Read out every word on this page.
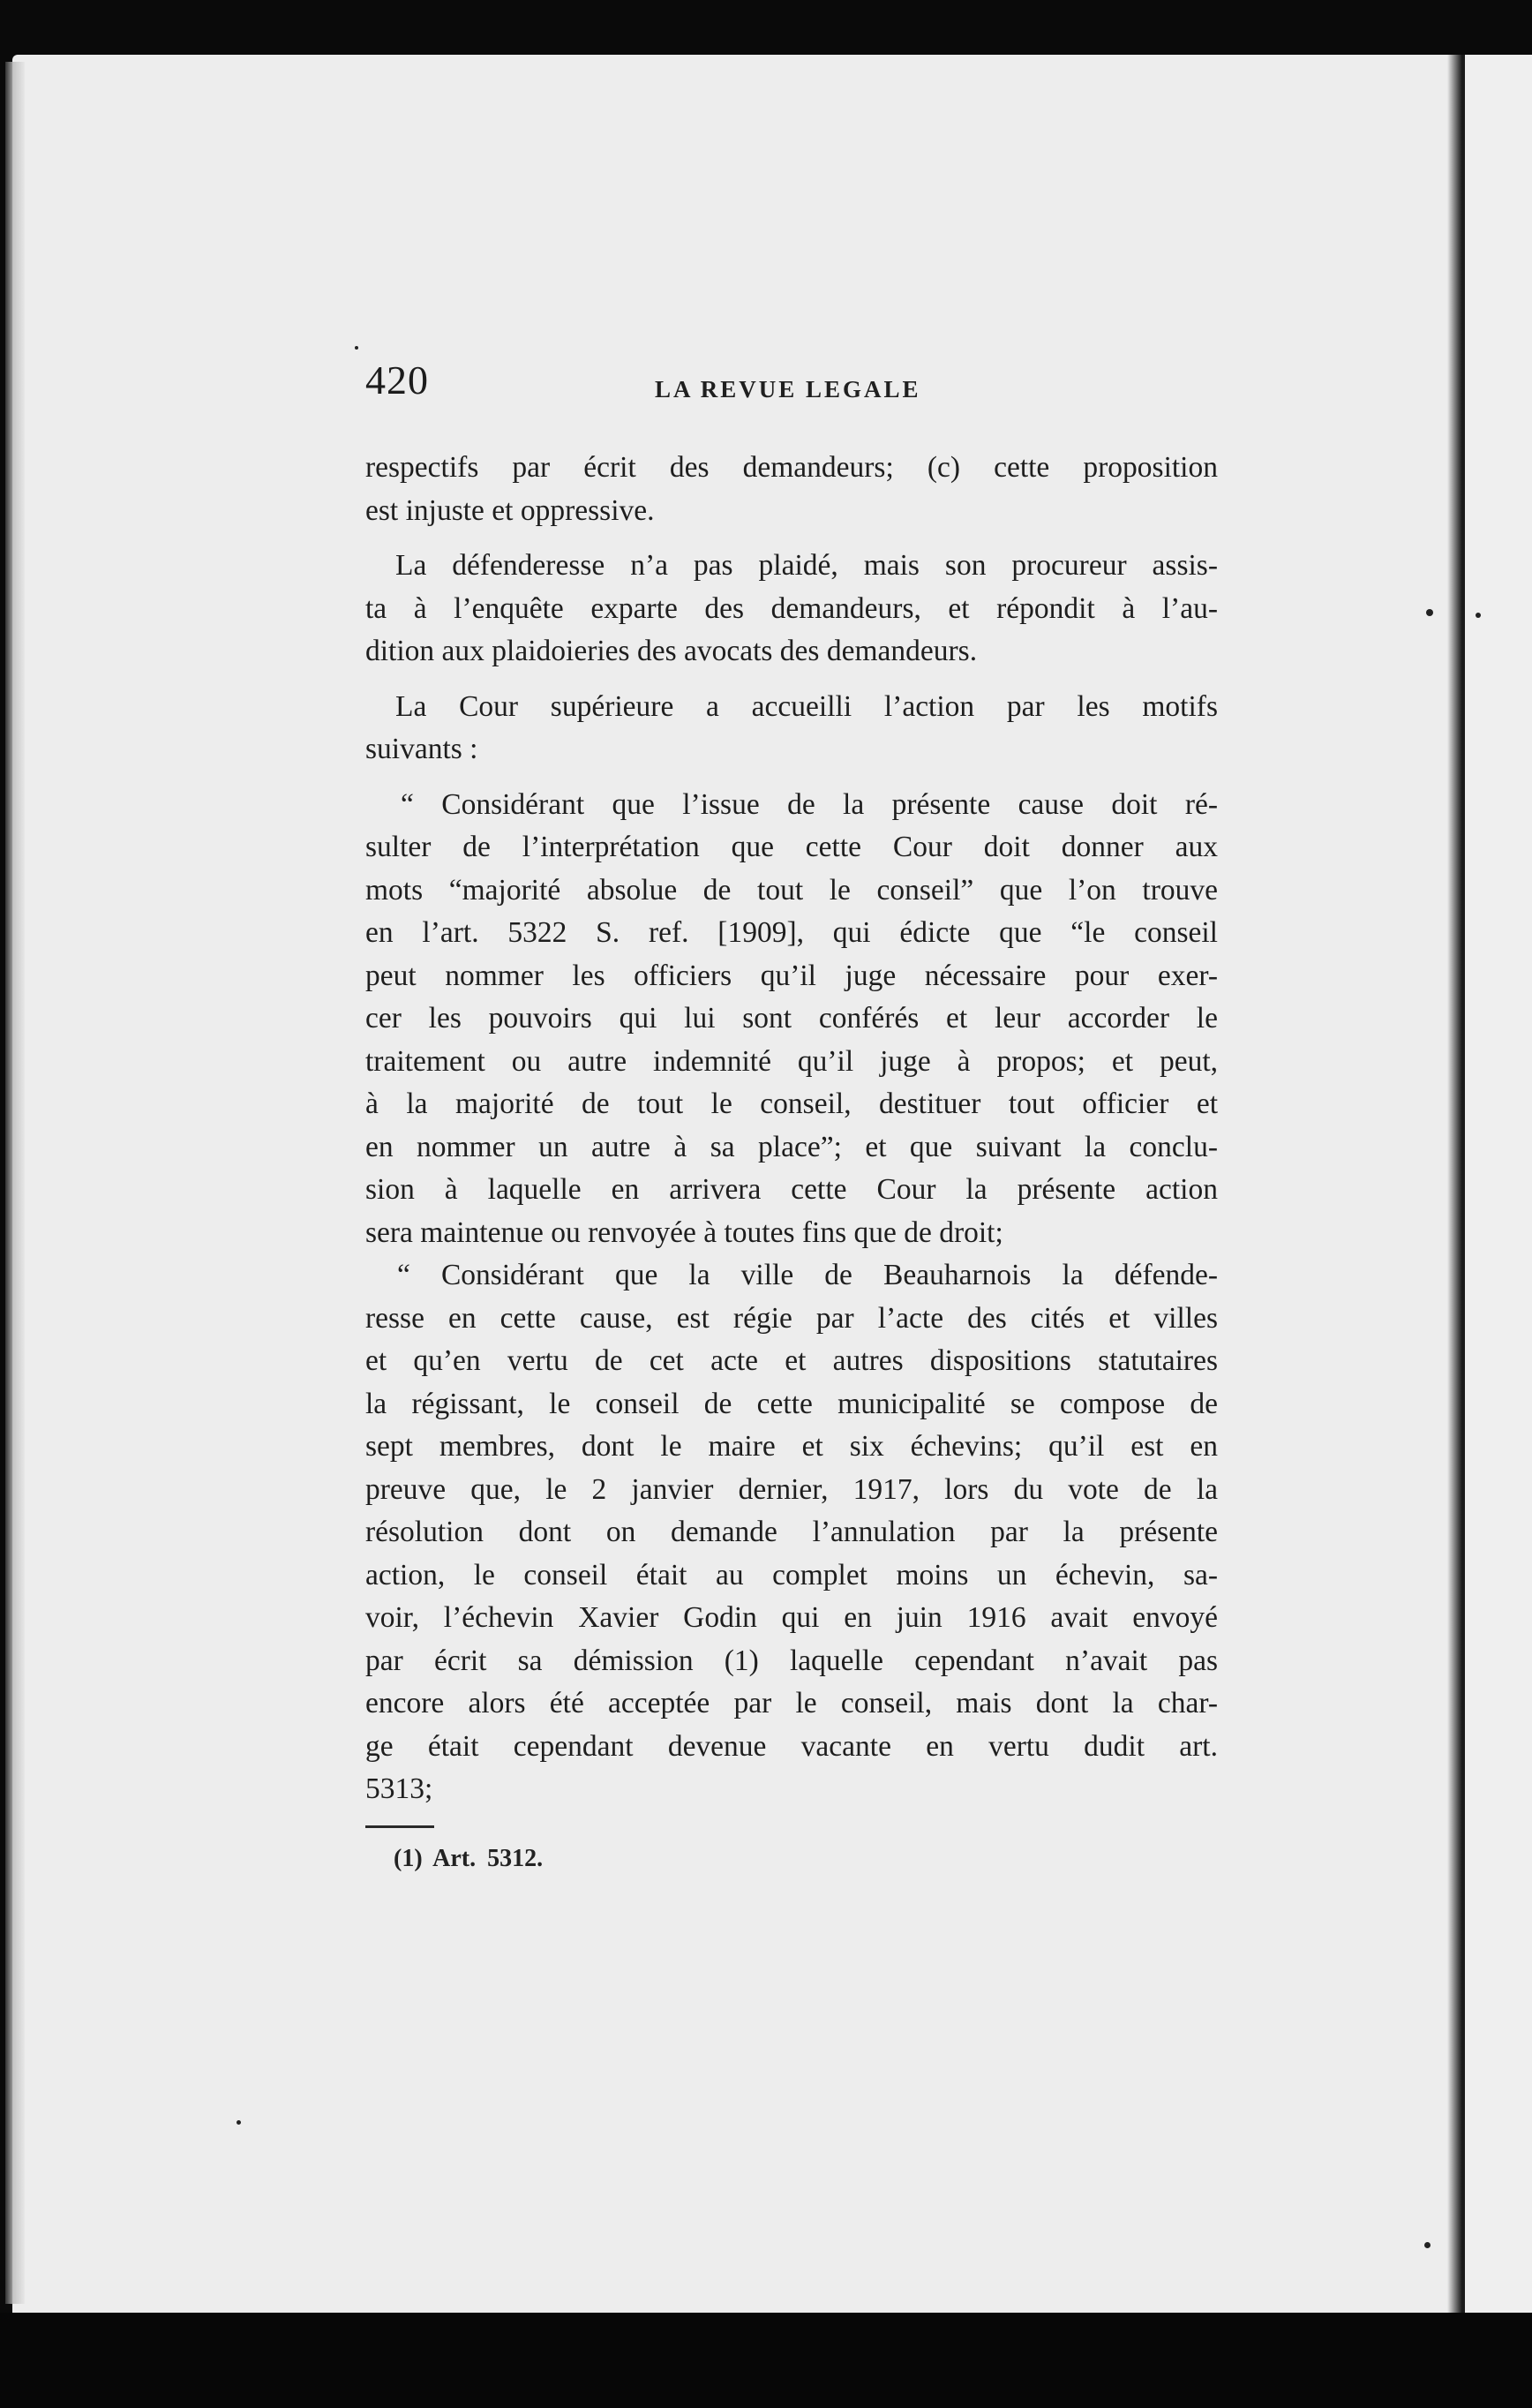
420	LA REVUE LEGALE
respectifs par écrit des demandeurs; (c) cette proposition
est injuste et oppressive.
La défenderesse n’a pas plaidé, mais son procureur assis-
ta à l’enquête exparte des demandeurs, et répondit à l’au-
dition aux plaidoieries des avocats des demandeurs.
La Cour supérieure a accueilli l’action par les motifs
suivants :
“ Considérant que l’issue de la présente cause doit ré-
sulter de l’interprétation que cette Cour doit donner aux
mots “majorité absolue de tout le conseil” que l’on trouve
en l’art. 5322 S. ref. [1909], qui édicte que “le conseil
peut nommer les officiers qu’il juge nécessaire pour exer-
cer les pouvoirs qui lui sont conférés et leur accorder le
traitement ou autre indemnité qu’il juge à propos; et peut,
à la majorité de tout le conseil, destituer tout officier et
en nommer un autre à sa place”; et que suivant la conclu-
sion à laquelle en arrivera cette Cour la présente action
sera maintenue ou renvoyée à toutes fins que de droit;
“ Considérant que la ville de Beauharnois la défende-
resse en cette cause, est régie par l’acte des cités et villes
et qu’en vertu de cet acte et autres dispositions statutaires
la régissant, le conseil de cette municipalité se compose de
sept membres, dont le maire et six échevins; qu’il est en
preuve que, le 2 janvier dernier, 1917, lors du vote de la
résolution dont on demande l’annulation par la présente
action, le conseil était au complet moins un échevin, sa-
voir, l’échevin Xavier Godin qui en juin 1916 avait envoyé
par écrit sa démission (1) laquelle cependant n’avait pas
encore alors été acceptée par le conseil, mais dont la char-
ge était cependant devenue vacante en vertu dudit art.
5313;
(1) Art. 5312.
